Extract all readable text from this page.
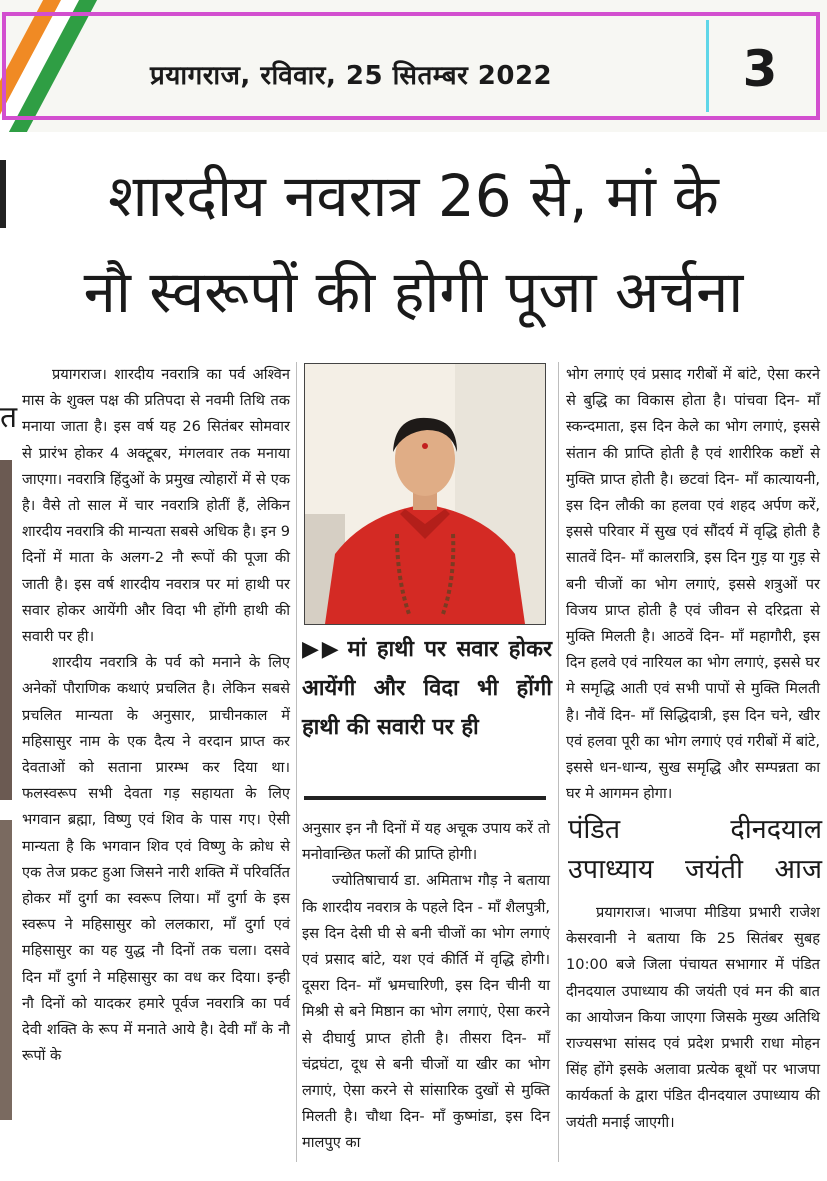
प्रयागराज, रविवार, 25 सितम्बर 2022	3
त
शारदीय नवरात्र 26 से, मां के
नौ स्वरूपों की होगी पूजा अर्चना

प्रयागराज। शारदीय नवरात्रि का पर्व अश्विन मास के शुक्ल पक्ष की प्रतिपदा से नवमी तिथि तक मनाया जाता है। इस वर्ष यह 26 सितंबर सोमवार से प्रारंभ होकर 4 अक्टूबर, मंगलवार तक मनाया जाएगा। नवरात्रि हिंदुओं के प्रमुख त्योहारों में से एक है। वैसे तो साल में चार नवरात्रि होतीं हैं, लेकिन शारदीय नवरात्रि की मान्यता सबसे अधिक है। इन 9 दिनों में माता के अलग-2 नौ रूपों की पूजा की जाती है। इस वर्ष शारदीय नवरात्र पर मां हाथी पर सवार होकर आयेंगी और विदा भी होंगी हाथी की सवारी पर ही।

शारदीय नवरात्रि के पर्व को मनाने के लिए अनेकों पौराणिक कथाएं प्रचलित है। लेकिन सबसे प्रचलित मान्यता के अनुसार, प्राचीनकाल में महिसासुर नाम के एक दैत्य ने वरदान प्राप्त कर देवताओं को सताना प्रारम्भ कर दिया था। फलस्वरूप सभी देवता गड़ सहायता के लिए भगवान ब्रह्मा, विष्णु एवं शिव के पास गए। ऐसी मान्यता है कि भगवान शिव एवं विष्णु के क्रोध से एक तेज प्रकट हुआ जिसने नारी शक्ति में परिवर्तित होकर माँ दुर्गा का स्वरूप लिया। माँ दुर्गा के इस स्वरूप ने महिसासुर को ललकारा, माँ दुर्गा एवं महिसासुर का यह युद्ध नौ दिनों तक चला। दसवे दिन माँ दुर्गा ने महिसासुर का वध कर दिया। इन्ही नौ दिनों को यादकर हमारे पूर्वज नवरात्रि का पर्व देवी शक्ति के रूप में मनाते आये है। देवी माँ के नौ रूपों के

▶▶ मां हाथी पर सवार होकर आयेंगी और विदा भी होंगी हाथी की सवारी पर ही

अनुसार इन नौ दिनों में यह अचूक उपाय करें तो मनोवान्छित फलों की प्राप्ति होगी।

ज्योतिषाचार्य डा. अमिताभ गौड़ ने बताया कि शारदीय नवरात्र के पहले दिन - माँ शैलपुत्री, इस दिन देसी घी से बनी चीजों का भोग लगाएं एवं प्रसाद बांटे, यश एवं कीर्ति में वृद्धि होगी। दूसरा दिन- माँ भ्रमचारिणी, इस दिन चीनी या मिश्री से बने मिष्ठान का भोग लगाएं, ऐसा करने से दीघार्यु प्राप्त होती है। तीसरा दिन- माँ चंद्रघंटा, दूध से बनी चीजों या खीर का भोग लगाएं, ऐसा करने से सांसारिक दुखों से मुक्ति मिलती है। चौथा दिन- माँ कुष्मांडा, इस दिन मालपुए का

भोग लगाएं एवं प्रसाद गरीबों में बांटे, ऐसा करने से बुद्धि का विकास होता है। पांचवा दिन- माँ स्कन्दमाता, इस दिन केले का भोग लगाएं, इससे संतान की प्राप्ति होती है एवं शारीरिक कष्टों से मुक्ति प्राप्त होती है। छटवां दिन- माँ कात्यायनी, इस दिन लौकी का हलवा एवं शहद अर्पण करें, इससे परिवार में सुख एवं सौंदर्य में वृद्धि होती है सातवें दिन- माँ कालरात्रि, इस दिन गुड़ या गुड़ से बनी चीजों का भोग लगाएं, इससे शत्रुओं पर विजय प्राप्त होती है एवं जीवन से दरिद्रता से मुक्ति मिलती है। आठवें दिन- माँ महागौरी, इस दिन हलवे एवं नारियल का भोग लगाएं, इससे घर मे समृद्धि आती एवं सभी पापों से मुक्ति मिलती है। नौवें दिन- माँ सिद्धिदात्री, इस दिन चने, खीर एवं हलवा पूरी का भोग लगाएं एवं गरीबों में बांटे, इससे धन-धान्य, सुख समृद्धि और सम्पन्नता का घर मे आगमन होगा।

पंडित दीनदयाल
उपाध्याय जयंती आज

प्रयागराज। भाजपा मीडिया प्रभारी राजेश केसरवानी ने बताया कि 25 सितंबर सुबह 10:00 बजे जिला पंचायत सभागार में पंडित दीनदयाल उपाध्याय की जयंती एवं मन की बात का आयोजन किया जाएगा जिसके मुख्य अतिथि राज्यसभा सांसद एवं प्रदेश प्रभारी राधा मोहन सिंह होंगे इसके अलावा प्रत्येक बूथों पर भाजपा कार्यकर्ता के द्वारा पंडित दीनदयाल उपाध्याय की जयंती मनाई जाएगी।
